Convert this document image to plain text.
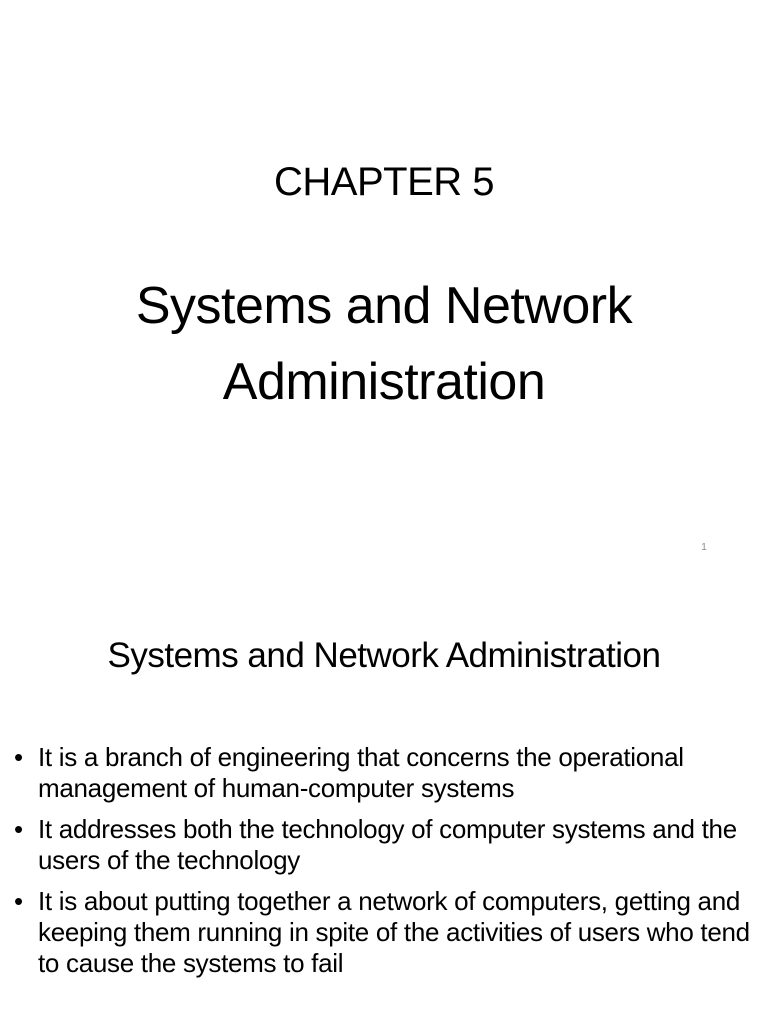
CHAPTER 5
Systems and Network
Administration
1
Systems and Network Administration
• It is a branch of engineering that concerns the operational management of human-computer systems
• It addresses both the technology of computer systems and the users of the technology
• It is about putting together a network of computers, getting and keeping them running in spite of the activities of users who tend to cause the systems to fail
